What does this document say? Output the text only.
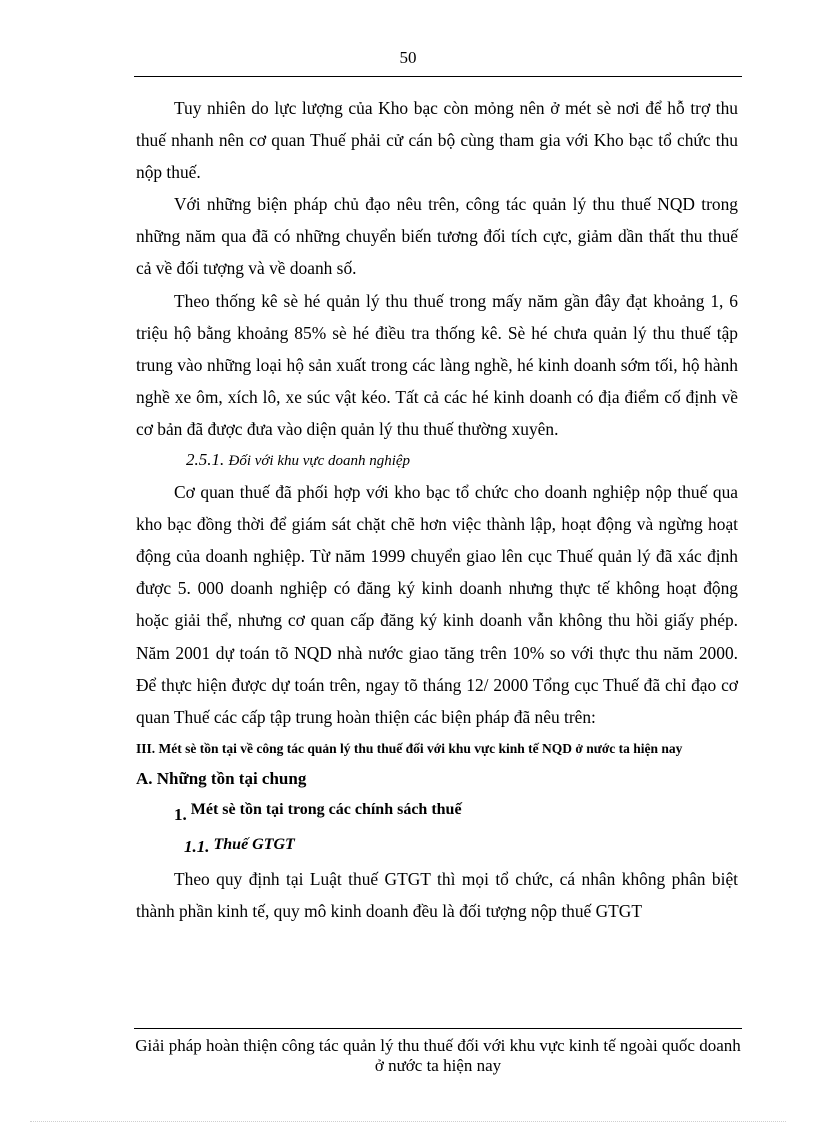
50

Tuy nhiên do lực lượng của Kho bạc còn mỏng nên ở mét sè nơi để hỗ trợ thu thuế nhanh nên cơ quan Thuế phải cử cán bộ cùng tham gia với Kho bạc tổ chức thu nộp thuế.

Với những biện pháp chủ đạo nêu trên, công tác quản lý thu thuế NQD trong những năm qua đã có những chuyển biến tương đối tích cực, giảm dần thất thu thuế cả về đối tượng và về doanh số.

Theo thống kê sè hé quản lý thu thuế trong mấy năm gần đây đạt khoảng 1, 6 triệu hộ bằng khoảng 85% sè hé điều tra thống kê. Sè hé chưa quản lý thu thuế tập trung vào những loại hộ sản xuất trong các làng nghề, hé kinh doanh sớm tối, hộ hành nghề xe ôm, xích lô, xe súc vật kéo. Tất cả các hé kinh doanh có địa điểm cố định về cơ bản đã được đưa vào diện quản lý thu thuế thường xuyên.

2.5.1. Đối với khu vực doanh nghiệp

Cơ quan thuế đã phối hợp với kho bạc tổ chức cho doanh nghiệp nộp thuế qua kho bạc đồng thời để giám sát chặt chẽ hơn việc thành lập, hoạt động và ngừng hoạt động của doanh nghiệp. Từ năm 1999 chuyển giao lên cục Thuế quản lý đã xác định được 5. 000 doanh nghiệp có đăng ký kinh doanh nhưng thực tế không hoạt động hoặc giải thể, nhưng cơ quan cấp đăng ký kinh doanh vẫn không thu hồi giấy phép. Năm 2001 dự toán tõ NQD nhà nước giao tăng trên 10% so với thực thu năm 2000. Để thực hiện được dự toán trên, ngay tõ tháng 12/ 2000 Tổng cục Thuế đã chỉ đạo cơ quan Thuế các cấp tập trung hoàn thiện các biện pháp đã nêu trên:

III. Mét sè tồn tại về công tác quản lý thu thuế đối với khu vực kinh tế NQD ở nước ta hiện nay

A. Những tồn tại chung

1. Mét sè tồn tại trong các chính sách thuế

1.1. Thuế GTGT

Theo quy định tại Luật thuế GTGT thì mọi tổ chức, cá nhân không phân biệt thành phần kinh tế, quy mô kinh doanh đều là đối tượng nộp thuế GTGT

Giải pháp hoàn thiện công tác quản lý thu thuế đối với khu vực kinh tế ngoài quốc doanh ở nước ta hiện nay
